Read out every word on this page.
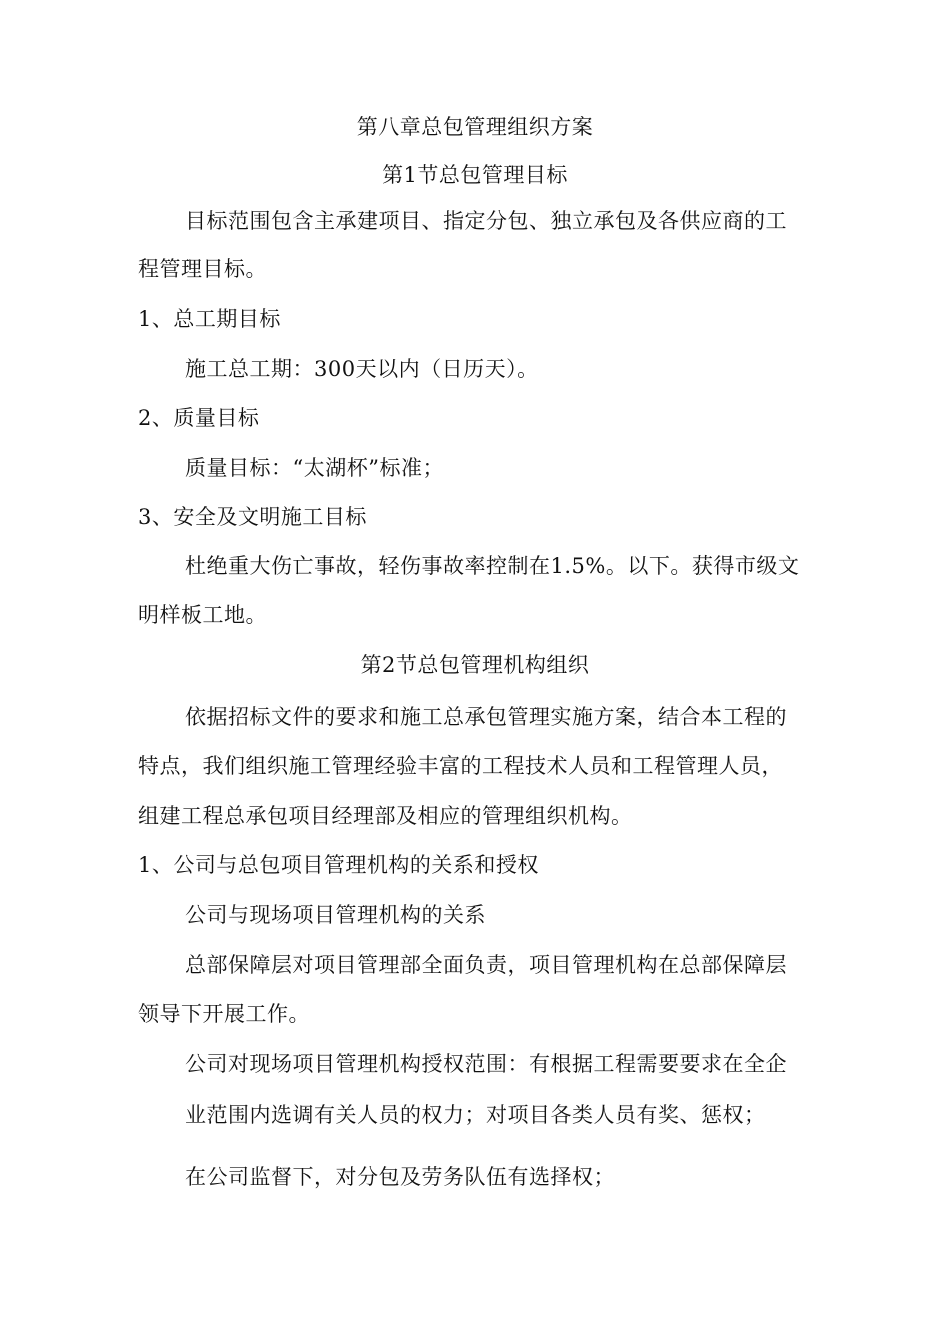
第八章总包管理组织方案
第1节总包管理目标
目标范围包含主承建项目、指定分包、独立承包及各供应商的工
程管理目标。
1、总工期目标
施工总工期：300天以内（日历天）。
2、质量目标
质量目标：“太湖杯”标准；
3、安全及文明施工目标
杜绝重大伤亡事故，轻伤事故率控制在1.5%。以下。获得市级文
明样板工地。
第2节总包管理机构组织
依据招标文件的要求和施工总承包管理实施方案，结合本工程的
特点，我们组织施工管理经验丰富的工程技术人员和工程管理人员，
组建工程总承包项目经理部及相应的管理组织机构。
1、公司与总包项目管理机构的关系和授权
公司与现场项目管理机构的关系
总部保障层对项目管理部全面负责，项目管理机构在总部保障层
领导下开展工作。
公司对现场项目管理机构授权范围：有根据工程需要要求在全企
业范围内选调有关人员的权力；对项目各类人员有奖、惩权；
在公司监督下，对分包及劳务队伍有选择权；
